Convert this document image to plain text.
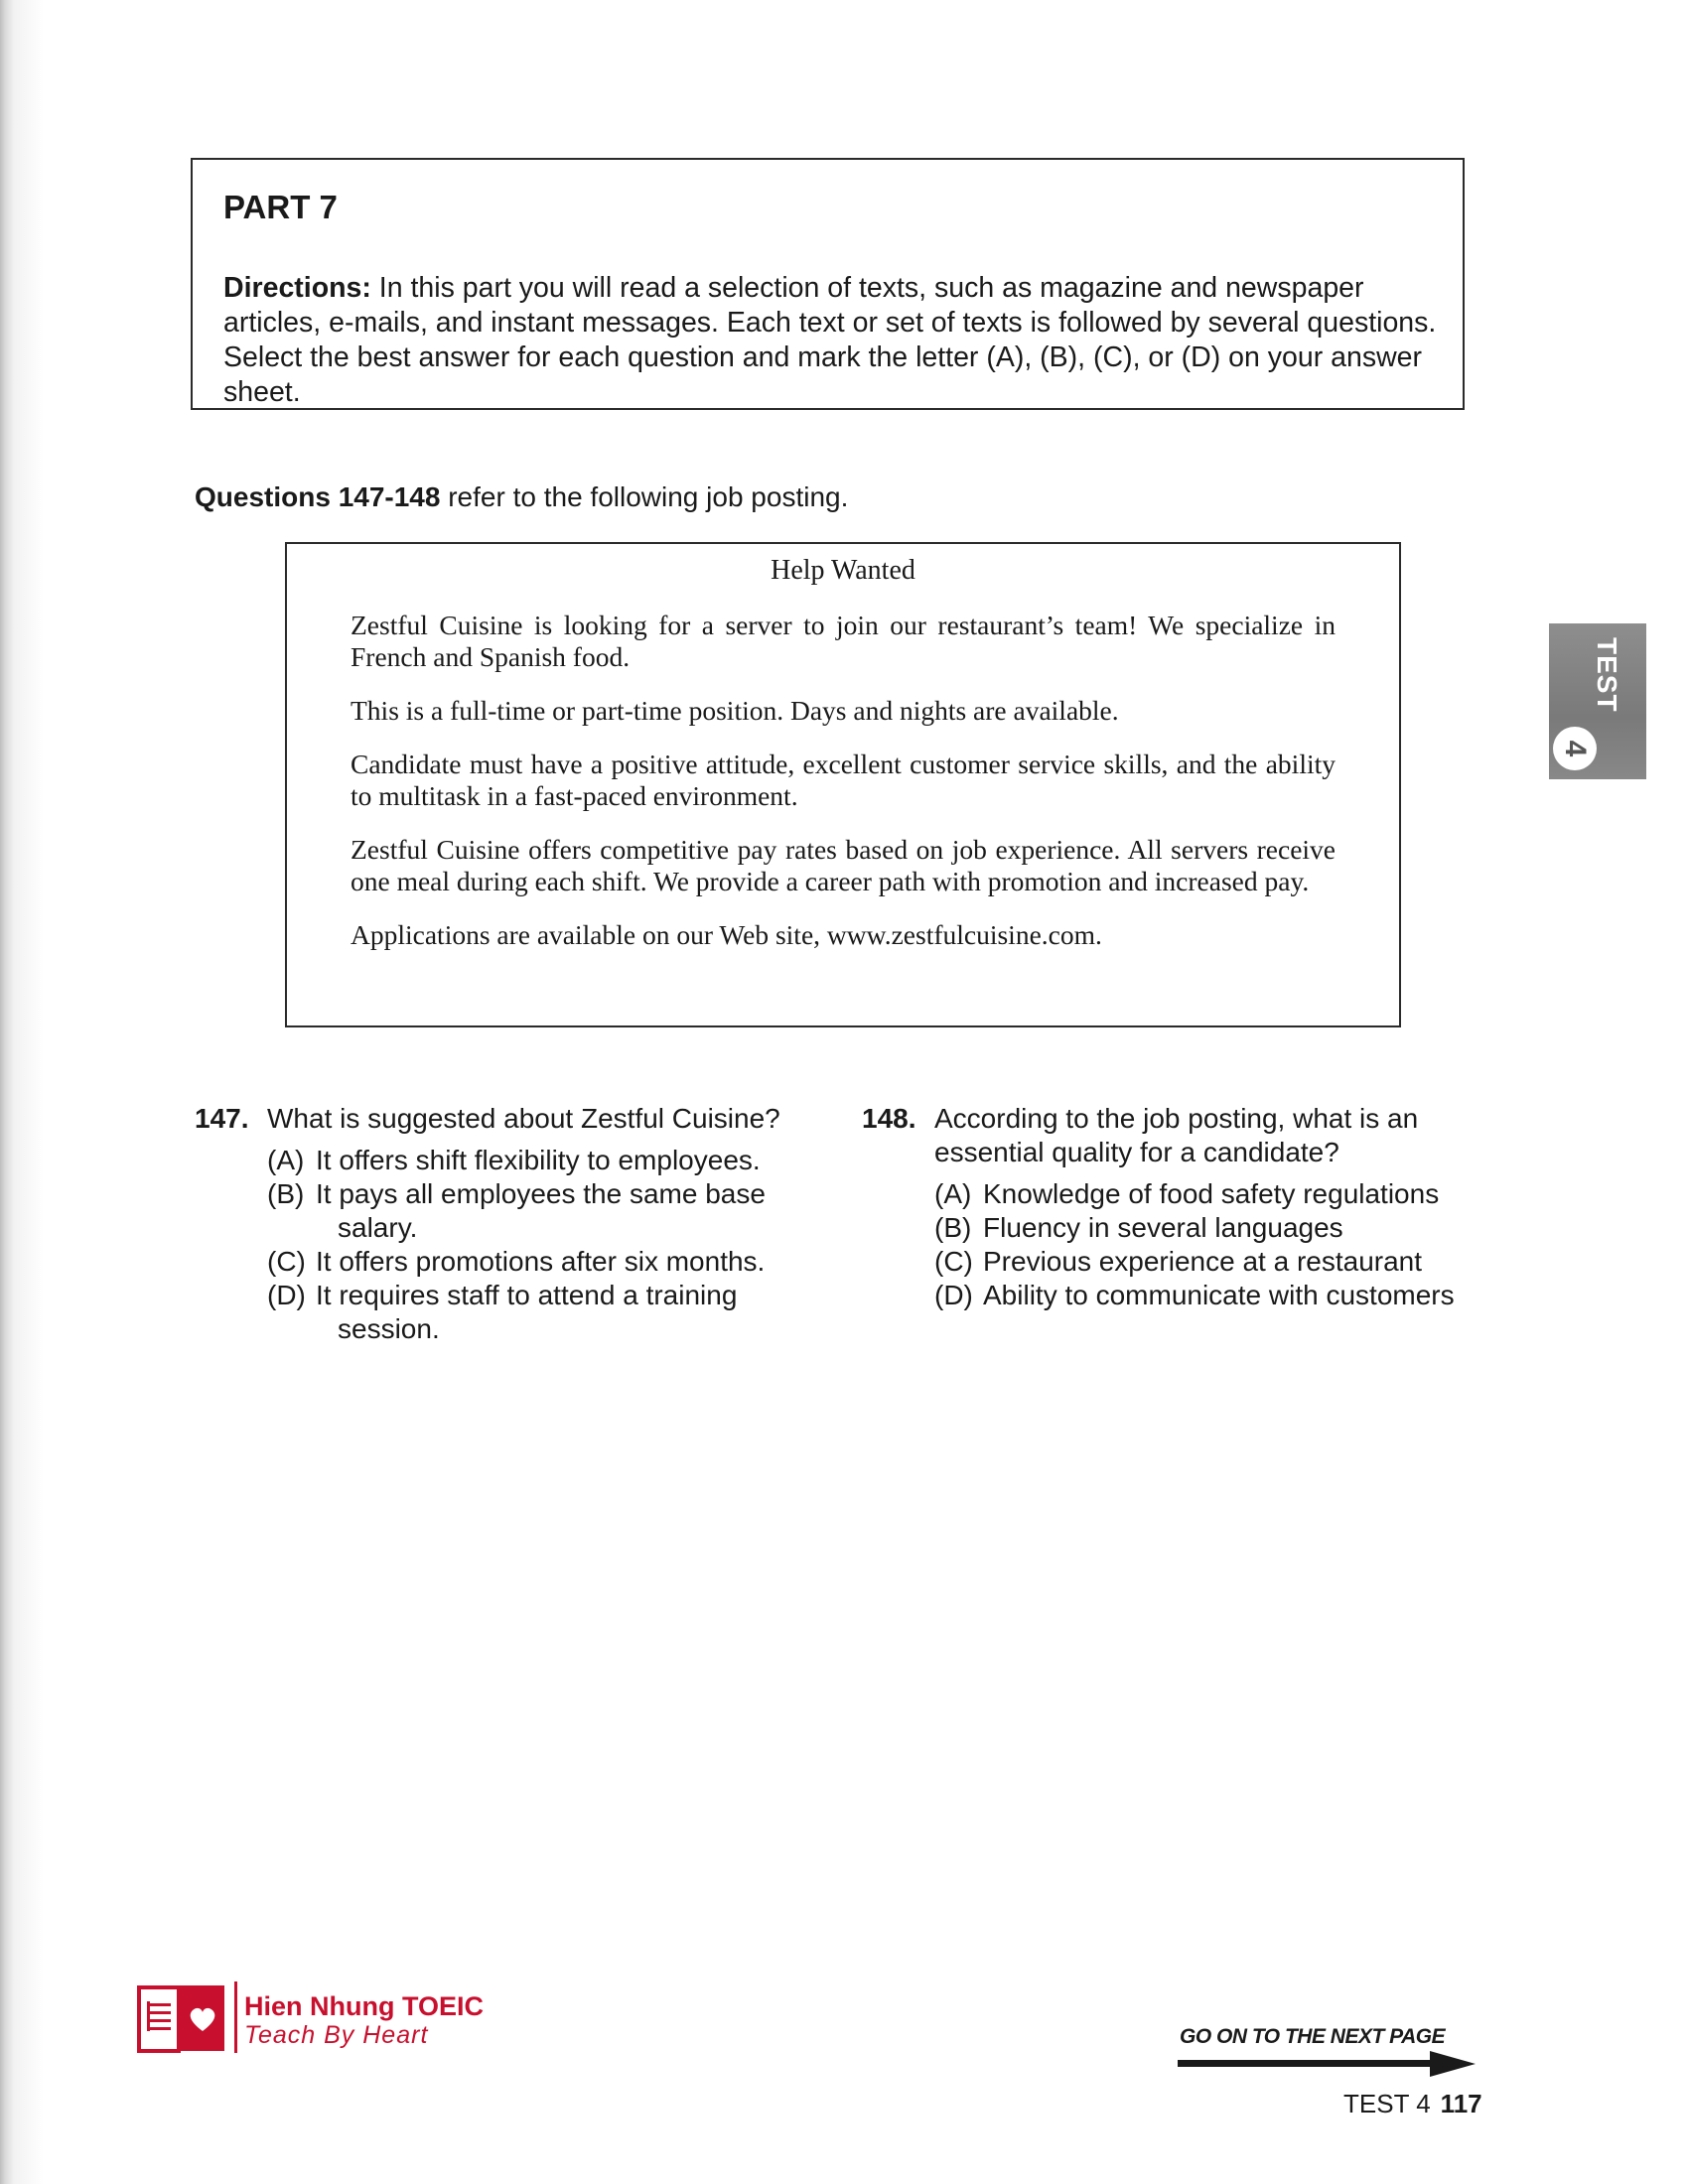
PART 7
Directions: In this part you will read a selection of texts, such as magazine and newspaper articles, e-mails, and instant messages. Each text or set of texts is followed by several questions. Select the best answer for each question and mark the letter (A), (B), (C), or (D) on your answer sheet.
Questions 147-148 refer to the following job posting.
Help Wanted

Zestful Cuisine is looking for a server to join our restaurant’s team! We specialize in French and Spanish food.

This is a full-time or part-time position. Days and nights are available.

Candidate must have a positive attitude, excellent customer service skills, and the ability to multitask in a fast-paced environment.

Zestful Cuisine offers competitive pay rates based on job experience. All servers receive one meal during each shift. We provide a career path with promotion and increased pay.

Applications are available on our Web site, www.zestfulcuisine.com.

147. What is suggested about Zestful Cuisine?
(A) It offers shift flexibility to employees.
(B) It pays all employees the same base salary.
(C) It offers promotions after six months.
(D) It requires staff to attend a training session.
148. According to the job posting, what is an essential quality for a candidate?
(A) Knowledge of food safety regulations
(B) Fluency in several languages
(C) Previous experience at a restaurant
(D) Ability to communicate with customers
TEST
4
Hien Nhung TOEIC
Teach By Heart	GO ON TO THE NEXT PAGE
TEST 4 117
